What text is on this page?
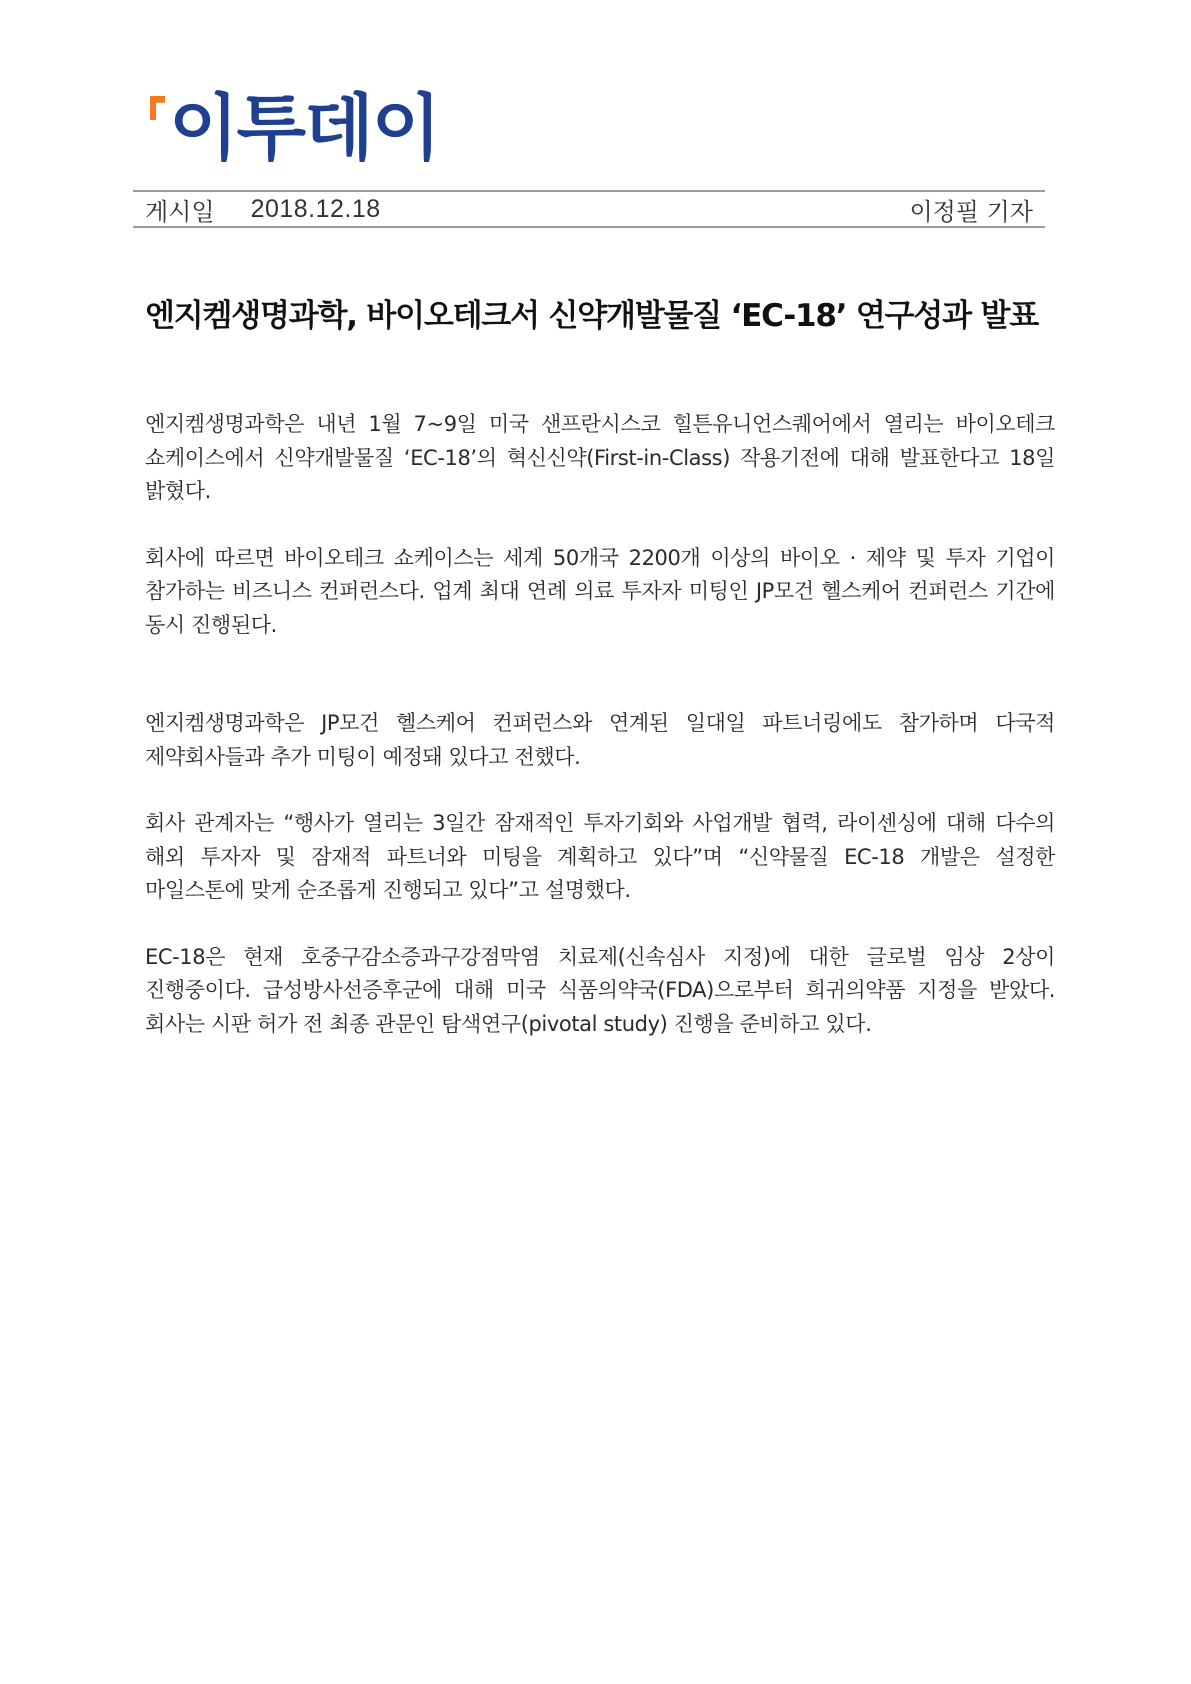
이투데이
게시일 2018.12.18	이정필 기자
엔지켐생명과학, 바이오테크서 신약개발물질 ‘EC-18’ 연구성과 발표

엔지켐생명과학은 내년 1월 7~9일 미국 샌프란시스코 힐튼유니언스퀘어에서 열리는 바이오테크 쇼케이스에서 신약개발물질 ‘EC-18’의 혁신신약(First-in-Class) 작용기전에 대해 발표한다고 18일 밝혔다.

회사에 따르면 바이오테크 쇼케이스는 세계 50개국 2200개 이상의 바이오 · 제약 및 투자 기업이 참가하는 비즈니스 컨퍼런스다. 업계 최대 연례 의료 투자자 미팅인 JP모건 헬스케어 컨퍼런스 기간에 동시 진행된다.

엔지켐생명과학은 JP모건 헬스케어 컨퍼런스와 연계된 일대일 파트너링에도 참가하며 다국적 제약회사들과 추가 미팅이 예정돼 있다고 전했다.

회사 관계자는 “행사가 열리는 3일간 잠재적인 투자기회와 사업개발 협력, 라이센싱에 대해 다수의 해외 투자자 및 잠재적 파트너와 미팅을 계획하고 있다”며 “신약물질 EC-18 개발은 설정한 마일스톤에 맞게 순조롭게 진행되고 있다”고 설명했다.

EC-18은 현재 호중구감소증과구강점막염 치료제(신속심사 지정)에 대한 글로벌 임상 2상이 진행중이다. 급성방사선증후군에 대해 미국 식품의약국(FDA)으로부터 희귀의약품 지정을 받았다. 회사는 시판 허가 전 최종 관문인 탐색연구(pivotal study) 진행을 준비하고 있다.
